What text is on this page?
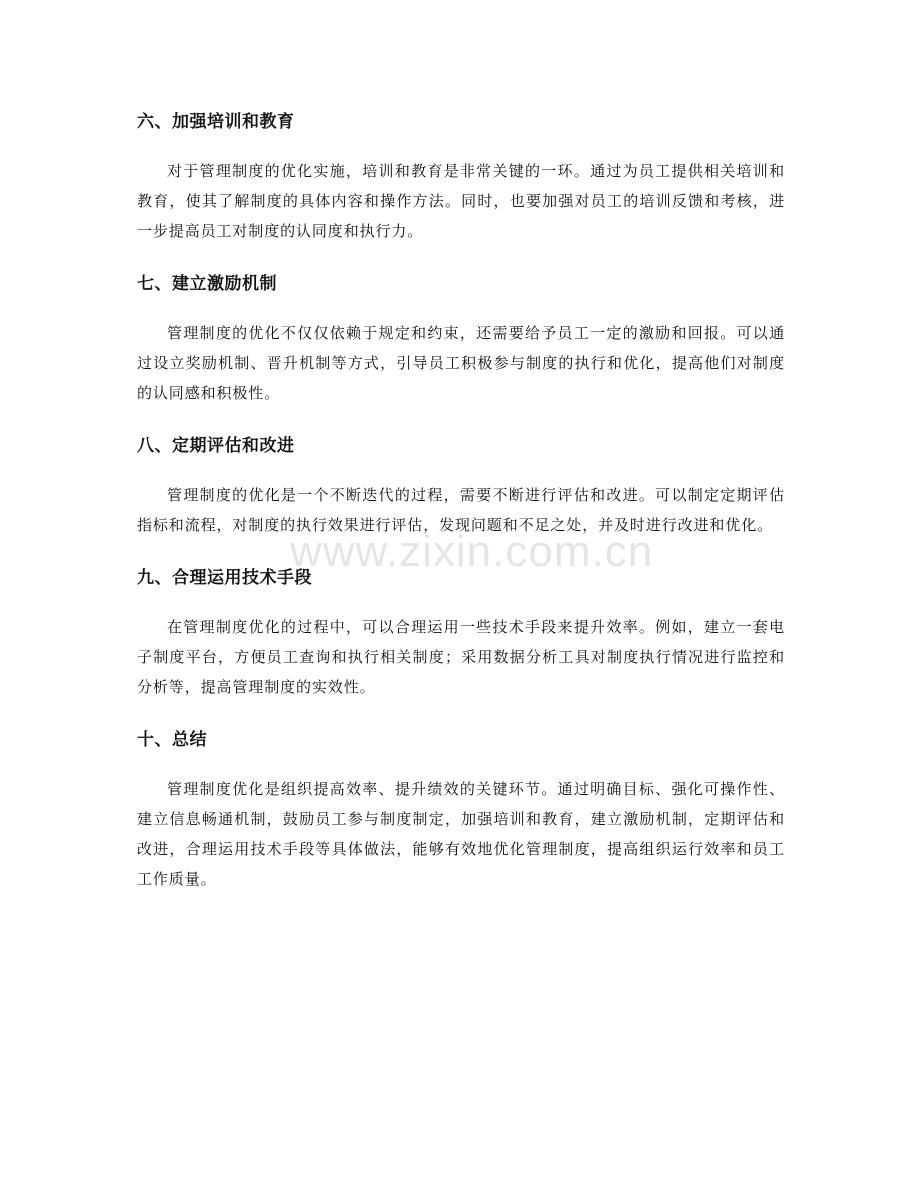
六、加强培训和教育

对于管理制度的优化实施，培训和教育是非常关键的一环。通过为员工提供相关培训和教育，使其了解制度的具体内容和操作方法。同时，也要加强对员工的培训反馈和考核，进一步提高员工对制度的认同度和执行力。

七、建立激励机制

管理制度的优化不仅仅依赖于规定和约束，还需要给予员工一定的激励和回报。可以通过设立奖励机制、晋升机制等方式，引导员工积极参与制度的执行和优化，提高他们对制度的认同感和积极性。

八、定期评估和改进

管理制度的优化是一个不断迭代的过程，需要不断进行评估和改进。可以制定定期评估指标和流程，对制度的执行效果进行评估，发现问题和不足之处，并及时进行改进和优化。

九、合理运用技术手段

在管理制度优化的过程中，可以合理运用一些技术手段来提升效率。例如，建立一套电子制度平台，方便员工查询和执行相关制度；采用数据分析工具对制度执行情况进行监控和分析等，提高管理制度的实效性。

十、总结

管理制度优化是组织提高效率、提升绩效的关键环节。通过明确目标、强化可操作性、建立信息畅通机制，鼓励员工参与制度制定，加强培训和教育，建立激励机制，定期评估和改进，合理运用技术手段等具体做法，能够有效地优化管理制度，提高组织运行效率和员工工作质量。

www.zixin.com.cn
